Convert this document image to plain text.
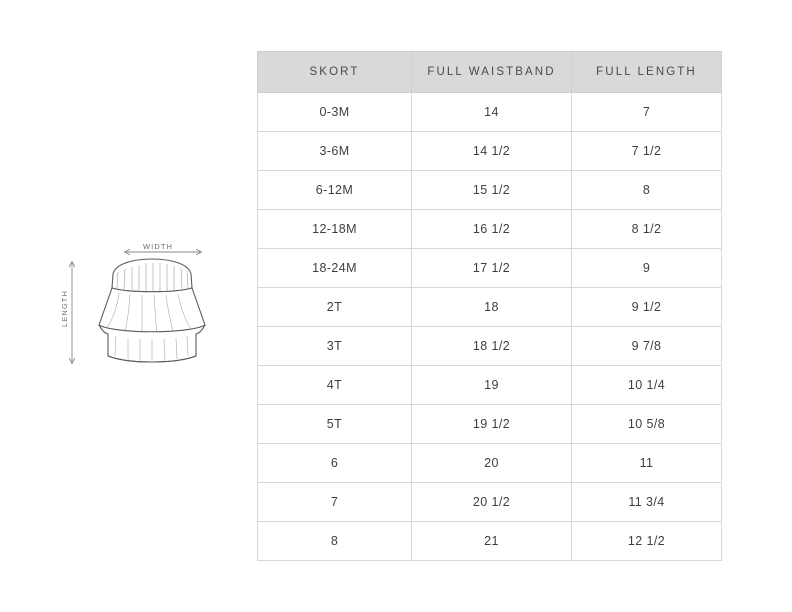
WIDTH
LENGTH
SKORT	FULL WAISTBAND	FULL LENGTH
0-3M	14	7
3-6M	14 1/2	7 1/2
6-12M	15 1/2	8
12-18M	16 1/2	8 1/2
18-24M	17 1/2	9
2T	18	9 1/2
3T	18 1/2	9 7/8
4T	19	10 1/4
5T	19 1/2	10 5/8
6	20	11
7	20 1/2	11 3/4
8	21	12 1/2
